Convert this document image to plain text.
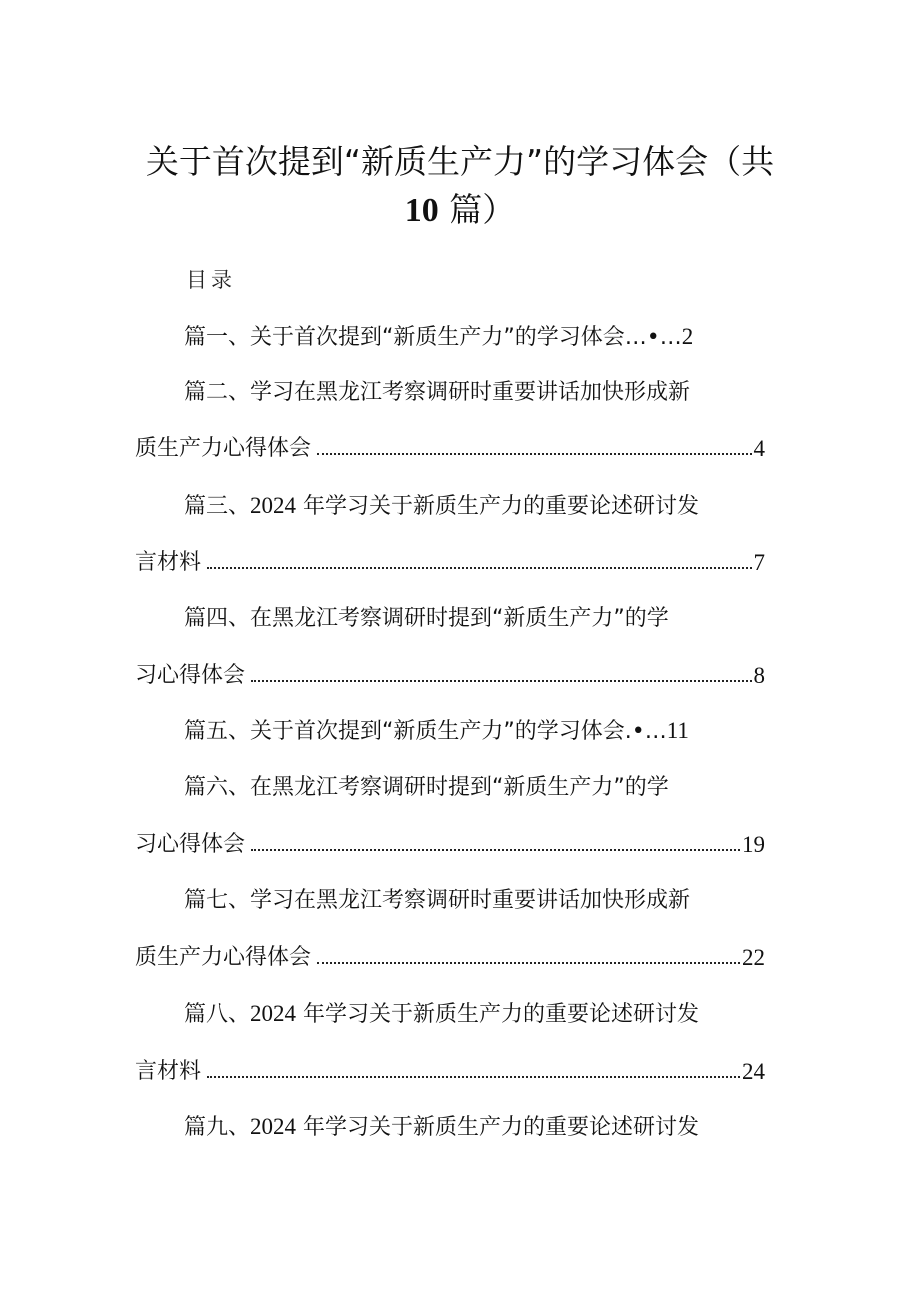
关于首次提到“新质生产力”的学习体会（共
10 篇）
目录
篇一、关于首次提到“新质生产力”的学习体会…•…2
篇二、学习在黑龙江考察调研时重要讲话加快形成新
质生产力心得体会	4
篇三、2024 年学习关于新质生产力的重要论述研讨发
言材料	7
篇四、在黑龙江考察调研时提到“新质生产力”的学
习心得体会	8
篇五、关于首次提到“新质生产力”的学习体会.•…11
篇六、在黑龙江考察调研时提到“新质生产力”的学
习心得体会	19
篇七、学习在黑龙江考察调研时重要讲话加快形成新
质生产力心得体会	22
篇八、2024 年学习关于新质生产力的重要论述研讨发
言材料	24
篇九、2024 年学习关于新质生产力的重要论述研讨发
